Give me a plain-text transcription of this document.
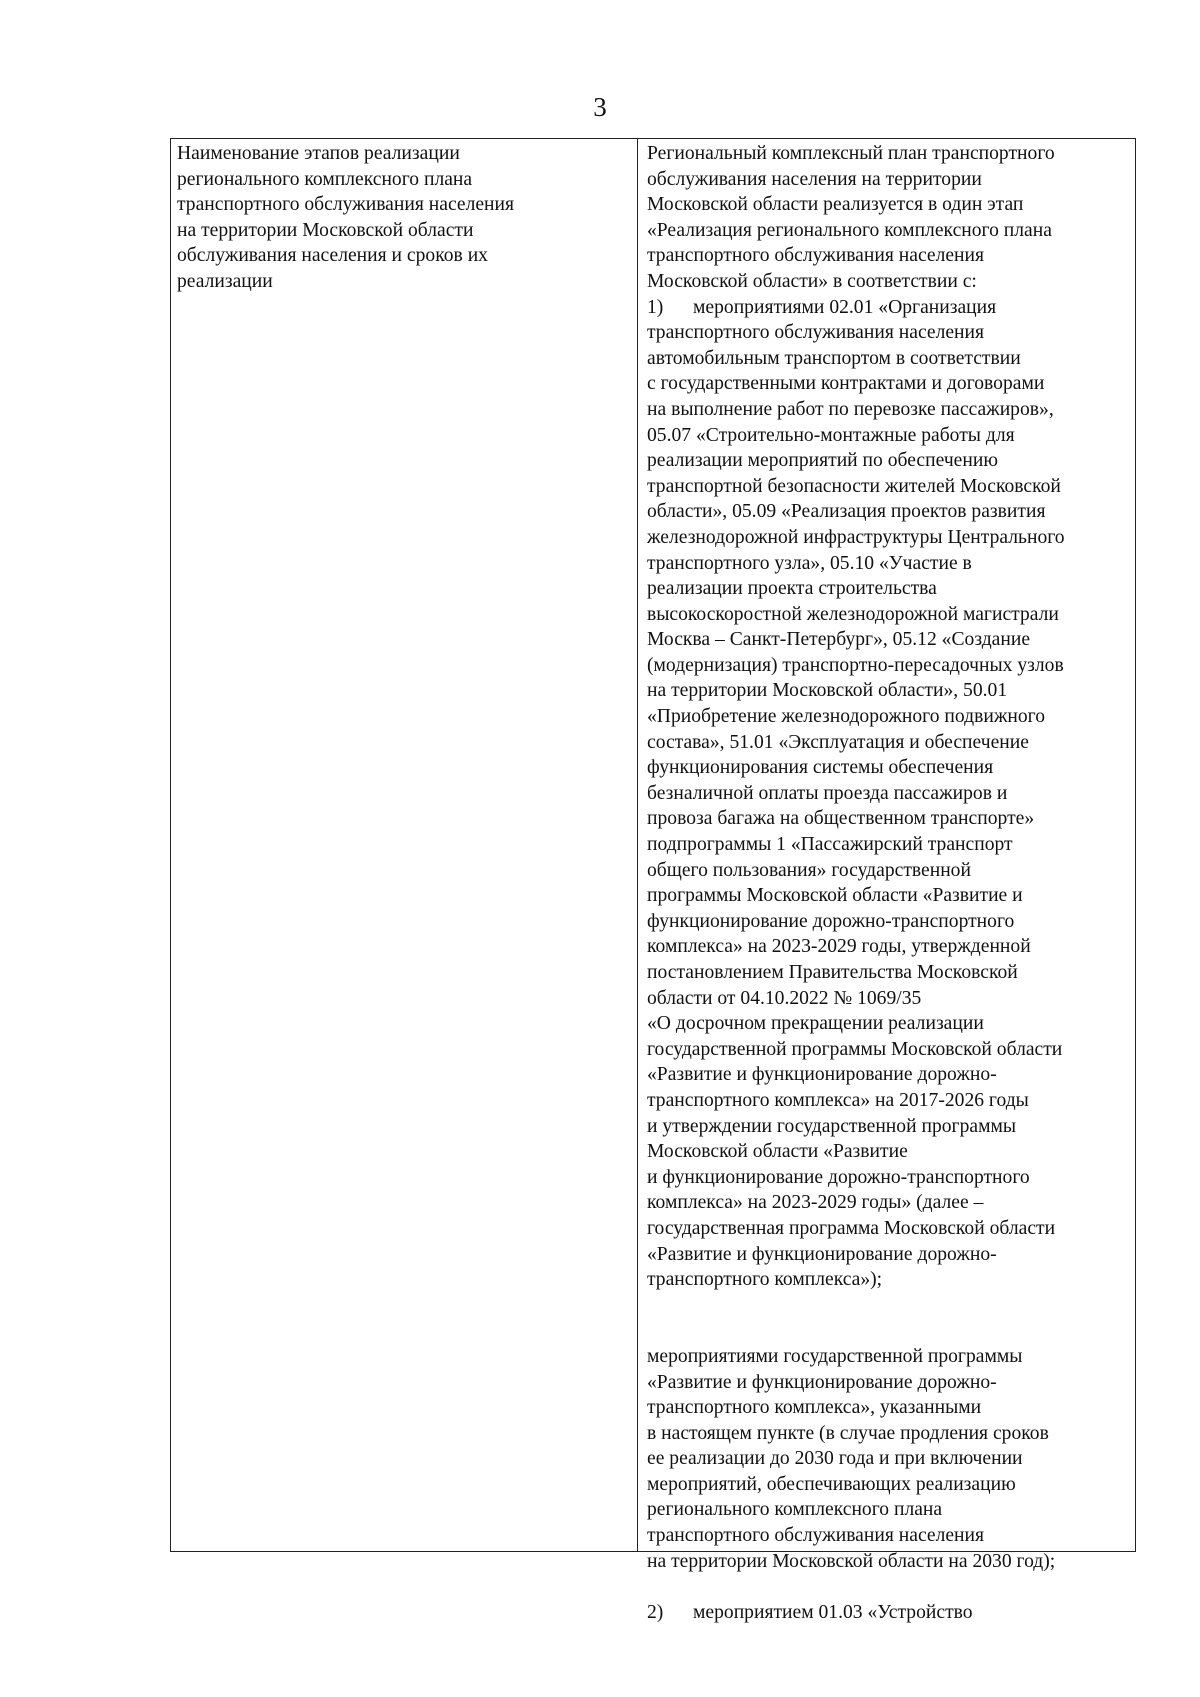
3
Наименование этапов реализации
регионального комплексного плана
транспортного обслуживания населения
на территории Московской области
обслуживания населения и сроков их
реализации
Региональный комплексный план транспортного
обслуживания населения на территории
Московской области реализуется в один этап
«Реализация регионального комплексного плана
транспортного обслуживания населения
Московской области» в соответствии с:
1) мероприятиями 02.01 «Организация
транспортного обслуживания населения
автомобильным транспортом в соответствии
с государственными контрактами и договорами
на выполнение работ по перевозке пассажиров»,
05.07 «Строительно-монтажные работы для
реализации мероприятий по обеспечению
транспортной безопасности жителей Московской
области», 05.09 «Реализация проектов развития
железнодорожной инфраструктуры Центрального
транспортного узла», 05.10 «Участие в
реализации проекта строительства
высокоскоростной железнодорожной магистрали
Москва – Санкт-Петербург», 05.12 «Создание
(модернизация) транспортно-пересадочных узлов
на территории Московской области», 50.01
«Приобретение железнодорожного подвижного
состава», 51.01 «Эксплуатация и обеспечение
функционирования системы обеспечения
безналичной оплаты проезда пассажиров и
провоза багажа на общественном транспорте»
подпрограммы 1 «Пассажирский транспорт
общего пользования» государственной
программы Московской области «Развитие и
функционирование дорожно-транспортного
комплекса» на 2023-2029 годы, утвержденной
постановлением Правительства Московской
области от 04.10.2022 № 1069/35
«О досрочном прекращении реализации
государственной программы Московской области
«Развитие и функционирование дорожно-
транспортного комплекса» на 2017-2026 годы
и утверждении государственной программы
Московской области «Развитие
и функционирование дорожно-транспортного
комплекса» на 2023-2029 годы» (далее –
государственная программа Московской области
«Развитие и функционирование дорожно-
транспортного комплекса»);
мероприятиями государственной программы
«Развитие и функционирование дорожно-
транспортного комплекса», указанными
в настоящем пункте (в случае продления сроков
ее реализации до 2030 года и при включении
мероприятий, обеспечивающих реализацию
регионального комплексного плана
транспортного обслуживания населения
на территории Московской области на 2030 год);
2) мероприятием 01.03 «Устройство
